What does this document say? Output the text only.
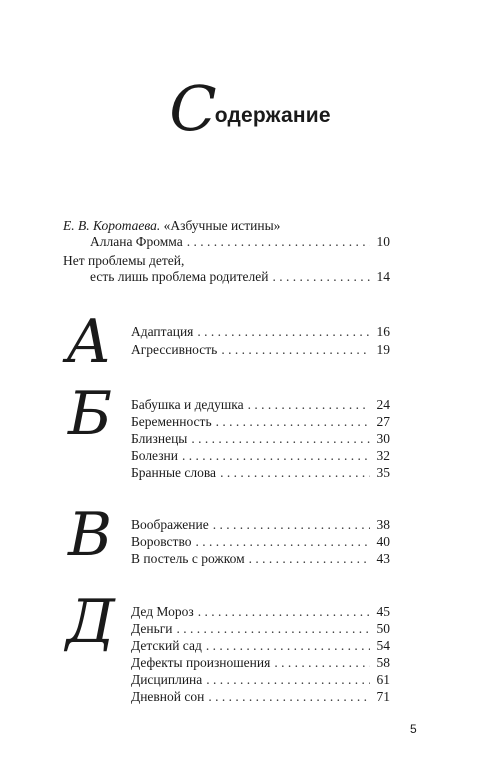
Содержание
Е. В. Коротаева. «Азбучные истины»
Аллана Фромма . . .	10
Нет проблемы детей,
есть лишь проблема родителей . . .	14
А Адаптация . . .	16
Агрессивность . . .	19
Б Бабушка и дедушка . . .	24
Беременность . . .	27
Близнецы . . .	30
Болезни . . .	32
Бранные слова . . .	35
В Воображение . . .	38
Воровство . . .	40
В постель с рожком . . .	43
Д Дед Мороз . . .	45
Деньги . . .	50
Детский сад . . .	54
Дефекты произношения . . .	58
Дисциплина . . .	61
Дневной сон . . .	71
5
